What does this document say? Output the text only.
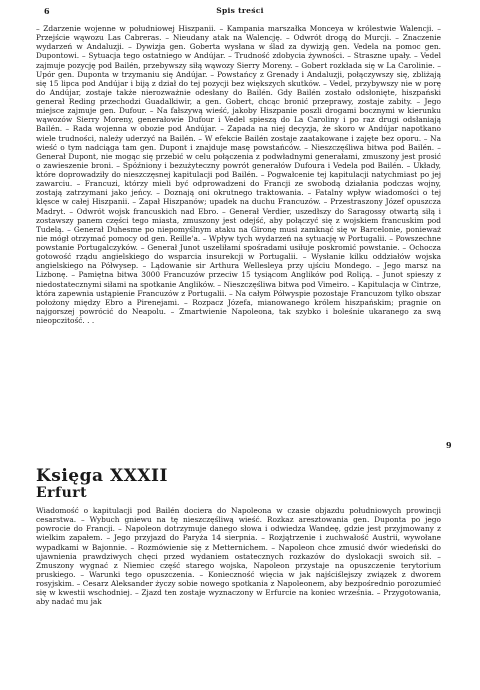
6	Spis treści
– Zdarzenie wojenne w południowej Hiszpanii. – Kampania marszałka Monceya w królestwie Walencji. – Przejście wąwozu Las Cabreras. – Nieudany atak na Walencję. – Odwrót drogą do Murcji. – Znaczenie wydarzeń w Andaluzji. – Dywizja gen. Goberta wysłana w ślad za dywizją gen. Vedela na pomoc gen. Dupontowi. – Sytuacja tego ostatniego w Andújar. – Trudność zdobycia żywności. – Straszne upały. – Vedel zajmuje pozycję pod Bailén, przebywszy siłą wąwozy Sierry Moreny. – Gobert rozkłada się w La Carolinie. – Upór gen. Duponta w trzymaniu się Andújar. – Powstańcy z Grenady i Andaluzji, połączywszy się, zbliżają się 15 lipca pod Andújar i biją z dział do tej pozycji bez większych skutków. – Vedel, przybywszy nie w porę do Andújar, zostaje także nierozważnie odesłany do Bailén. Gdy Bailén zostało odsłonięte, hiszpański generał Reding przechodzi Guadalkiwir, a gen. Gobert, chcąc bronić przeprawy, zostaje zabity. – Jego miejsce zajmuje gen. Dufour. – Na fałszywą wieść, jakoby Hiszpanie poszli drogami bocznymi w kierunku wąwozów Sierry Moreny, generałowie Dufour i Vedel spieszą do La Caroliny i po raz drugi odsłaniają Bailén. – Rada wojenna w obozie pod Andújar. – Zapada na niej decyzja, że skoro w Andújar napotkano wiele trudności, należy uderzyć na Bailén. – W efekcie Bailén zostaje zaatakowane i zajęte bez oporu. – Na wieść o tym nadciąga tam gen. Dupont i znajduje masę powstańców. – Nieszczęśliwa bitwa pod Bailén. – Generał Dupont, nie mogąc się przebić w celu połączenia z podwładnymi generałami, zmuszony jest prosić o zawieszenie broni. – Spóźniony i bezużyteczny powrót generałów Dufoura i Vedela pod Bailén. – Układy, które doprowadziły do nieszczęsnej kapitulacji pod Bailén. – Pogwałcenie tej kapitulacji natychmiast po jej zawarciu. – Francuzi, którzy mieli być odprowadzeni do Francji ze swobodą działania podczas wojny, zostają zatrzymani jako jeńcy. – Doznają oni okrutnego traktowania. – Fatalny wpływ wiadomości o tej klęsce w całej Hiszpanii. – Zapał Hiszpanów; upadek na duchu Francuzów. – Przestraszony Józef opuszcza Madryt. – Odwrót wojsk francuskich nad Ebro. – Generał Verdier, uszedłszy do Saragossy otwartą siłą i zostawszy panem części tego miasta, zmuszony jest odejść, aby połączyć się z wojskiem francuskim pod Tudelą. – Generał Duhesme po niepomyślnym ataku na Gironę musi zamknąć się w Barcelonie, ponieważ nie mógł otrzymać pomocy od gen. Reille'a. – Wpływ tych wydarzeń na sytuację w Portugalii. – Powszechne powstanie Portugalczyków. – Generał Junot uszeliłami spośradami usiłuje poskromić powstanie. – Ochocza gotowość rządu angielskiego do wsparcia insurekcji w Portugalii. – Wysłanie kilku oddziałów wojska angielskiego na Półwysep. – Lądowanie sir Arthura Wellesleya przy ujściu Mondego. – Jego marsz na Lizbonę. – Pamiętna bitwa 3000 Francuzów przeciw 15 tysiącom Anglików pod Roliçą. – Junot spieszy z niedostatecznymi siłami na spotkanie Anglików. – Nieszczęśliwa bitwa pod Vimeiro. – Kapitulacja w Cintrze, która zapewnia ustąpienie Francuzów z Portugalii. – Na całym Półwyspie pozostaje Francuzom tylko obszar położony między Ebro a Pirenejami. – Rozpacz Józefa, mianowanego królem hiszpańskim; pragnie on najgorszej powrócić do Neapolu. – Zmartwienie Napoleona, tak szybko i boleśnie ukaranego za swą nieopczitość. . .
9
Księga XXXII
Erfurt
Wiadomość o kapitulacji pod Bailén dociera do Napoleona w czasie objazdu południowych prowincji cesarstwa. – Wybuch gniewu na tę nieszczęśliwą wieść. Rozkaz aresztowania gen. Duponta po jego powrocie do Francji. – Napoleon dotrzymuje danego słowa i odwiedza Wandeę, gdzie jest przyjmowany z wielkim zapałem. – Jego przyjazd do Paryża 14 sierpnia. – Rozjątrzenie i zuchwałość Austrii, wywołane wypadkami w Bajonnie. – Rozmówienie się z Metternichem. – Napoleon chce zmusić dwór wiedeński do ujawnienia prawdziwych chęci przed wydaniem ostatecznych rozkazów do dyslokacji swoich sił. – Zmuszony wygnać z Niemiec część starego wojska, Napoleon przystaje na opuszczenie terytorium pruskiego. – Warunki tego opuszczenia. – Konieczność więcia w jak najściślejszy związek z dworem rosyjskim. – Cesarz Aleksander życzy sobie nowego spotkania z Napoleonem, aby bezpośrednio porozumieć się w kwestii wschodniej. – Zjazd ten zostaje wyznaczony w Erfurcie na koniec września. – Przygotowania, aby nadać mu jak
